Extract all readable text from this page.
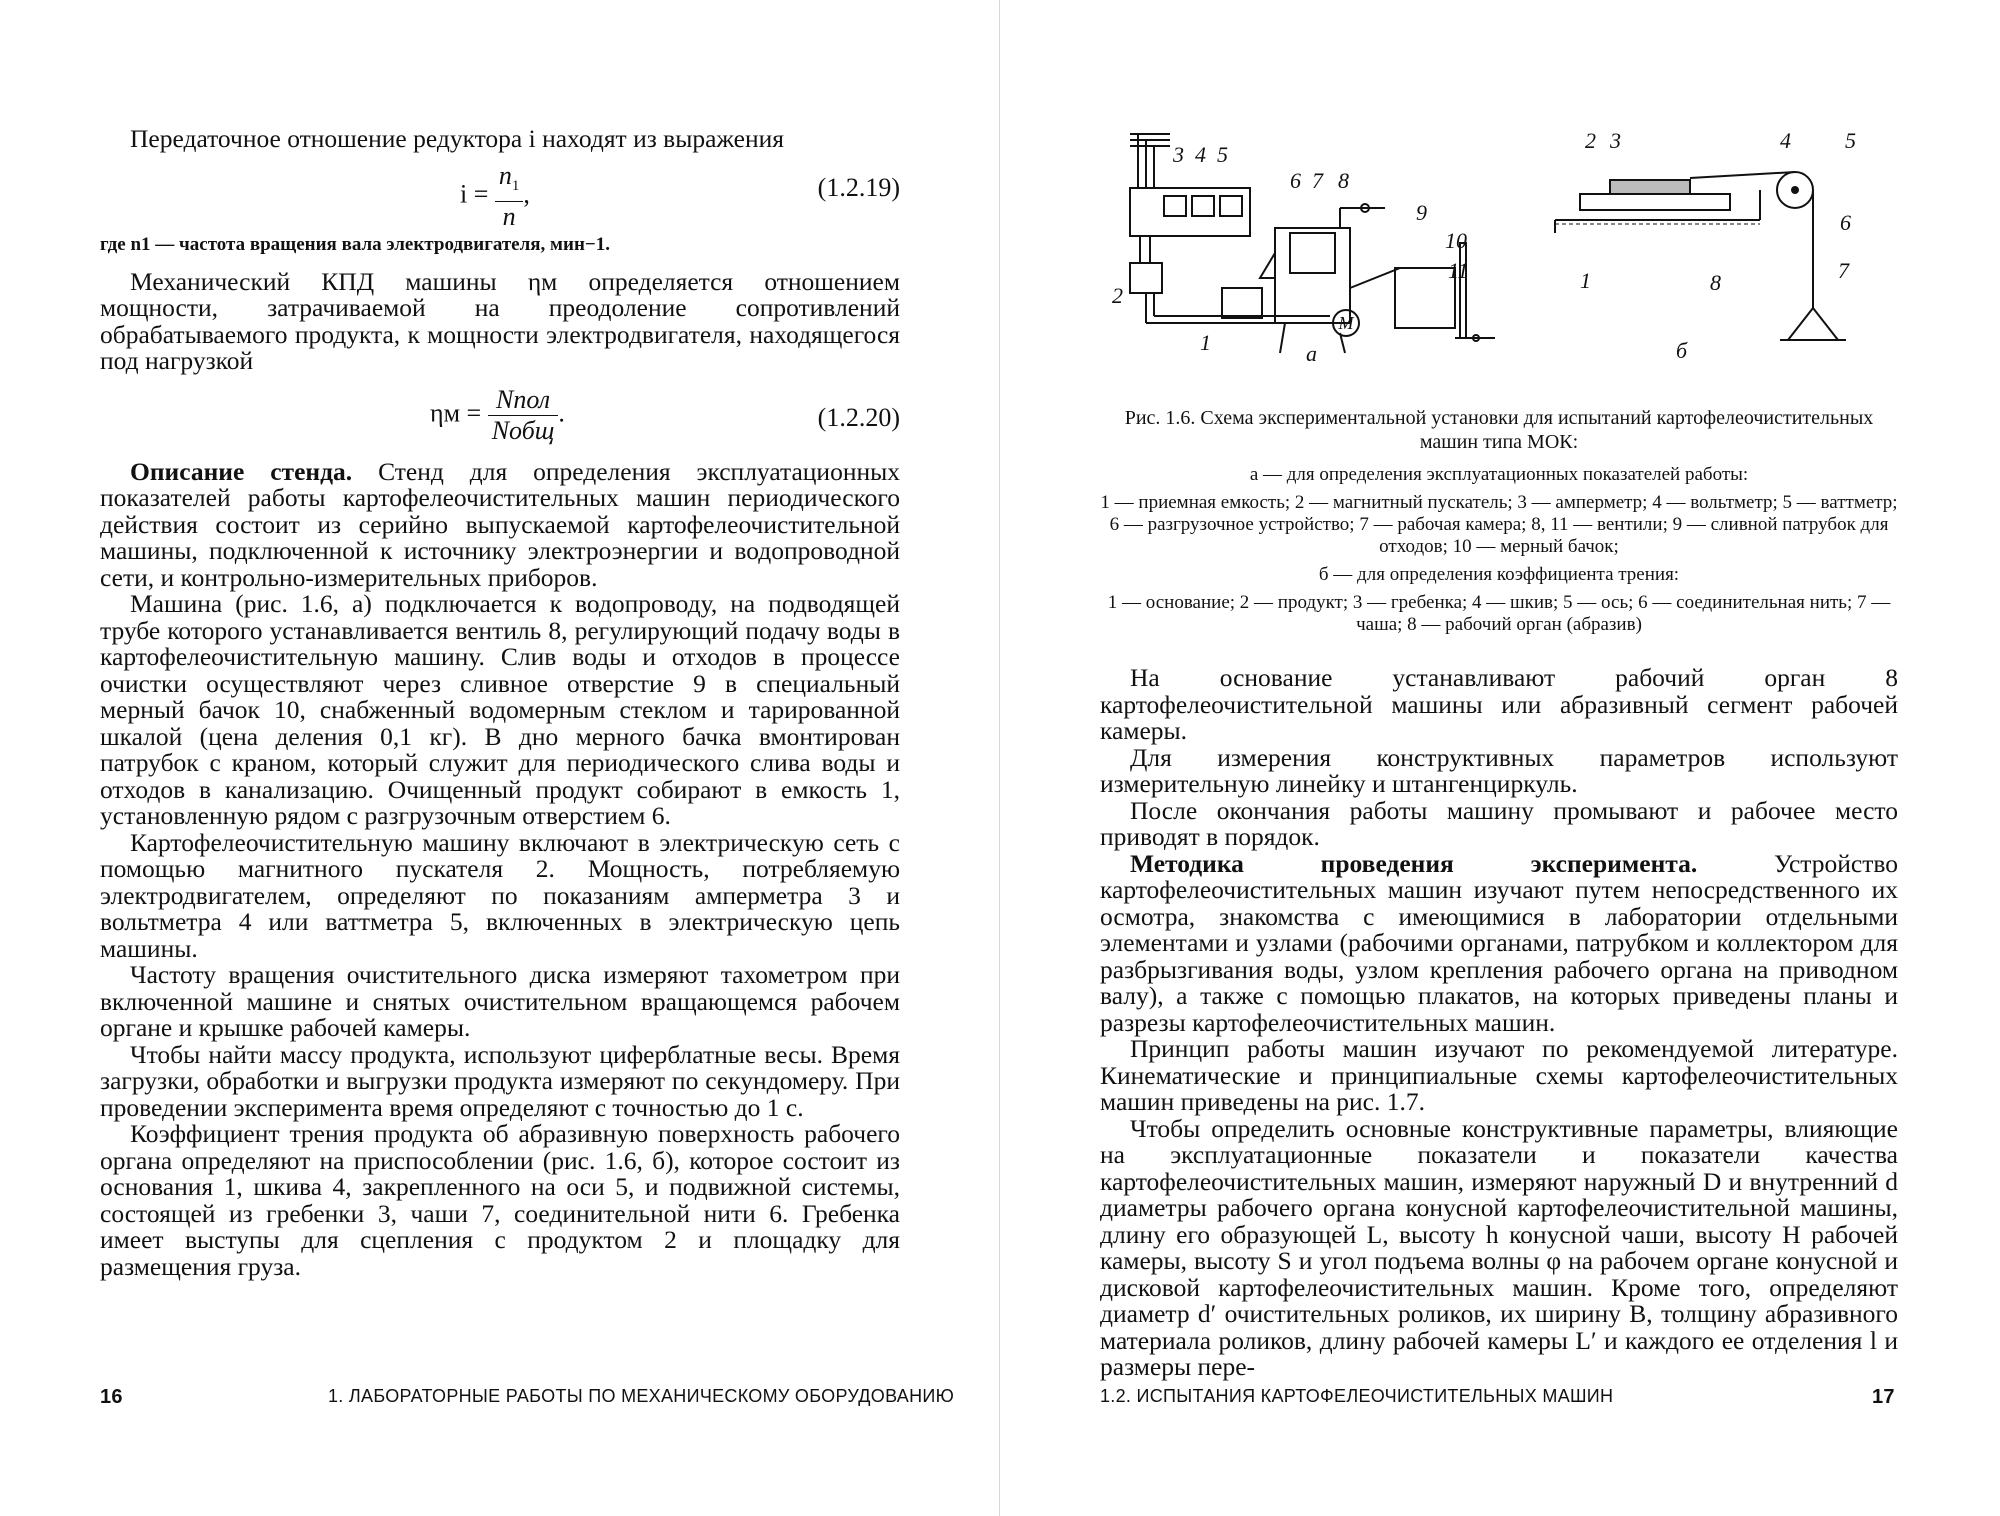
Передаточное отношение редуктора i находят из выражения

$i = \frac{n_1}{n}$ ,	(1.2.19)

где n1 — частота вращения вала электродвигателя, мин−1.

Механический КПД машины ηм определяется отношением мощности, затрачиваемой на преодоление сопротивлений обрабатываемого продукта, к мощности электродвигателя, находящегося под нагрузкой

$\eta м = \frac{\text{Nпол}}{\text{Nобщ}}$ .	(1.2.20)

Описание стенда. Стенд для определения эксплуатационных показателей работы картофелеочистительных машин периодического действия состоит из серийно выпускаемой картофелеочистительной машины, подключенной к источнику электроэнергии и водопроводной сети, и контрольно-измерительных приборов.

Машина (рис. 1.6, а) подключается к водопроводу, на подводящей трубе которого устанавливается вентиль 8, регулирующий подачу воды в картофелеочистительную машину. Слив воды и отходов в процессе очистки осуществляют через сливное отверстие 9 в специальный мерный бачок 10, снабженный водомерным стеклом и тарированной шкалой (цена деления 0,1 кг). В дно мерного бачка вмонтирован патрубок с краном, который служит для периодического слива воды и отходов в канализацию. Очищенный продукт собирают в емкость 1, установленную рядом с разгрузочным отверстием 6.

Картофелеочистительную машину включают в электрическую сеть с помощью магнитного пускателя 2. Мощность, потребляемую электродвигателем, определяют по показаниям амперметра 3 и вольтметра 4 или ваттметра 5, включенных в электрическую цепь машины.

Частоту вращения очистительного диска измеряют тахометром при включенной машине и снятых очистительном вращающемся рабочем органе и крышке рабочей камеры.

Чтобы найти массу продукта, используют циферблатные весы. Время загрузки, обработки и выгрузки продукта измеряют по секундомеру. При проведении эксперимента время определяют с точностью до 1 с.

Коэффициент трения продукта об абразивную поверхность рабочего органа определяют на приспособлении (рис. 1.6, б), которое состоит из основания 1, шкива 4, закрепленного на оси 5, и подвижной системы, состоящей из гребенки 3, чаши 7, соединительной нити 6. Гребенка имеет выступы для сцепления с продуктом 2 и площадку для размещения груза.

16	1. ЛАБОРАТОРНЫЕ РАБОТЫ ПО МЕХАНИЧЕСКОМУ ОБОРУДОВАНИЮ
M
3 4 5
6 7 8
9
10
11
2
1	а
2 3	4 5
6
7
1	8
б

Рис. 1.6. Схема экспериментальной установки для испытаний картофелеочистительных машин типа МОК:

а — для определения эксплуатационных показателей работы:

1 — приемная емкость; 2 — магнитный пускатель; 3 — амперметр; 4 — вольтметр; 5 — ваттметр; 6 — разгрузочное устройство; 7 — рабочая камера; 8, 11 — вентили; 9 — сливной патрубок для отходов; 10 — мерный бачок;

б — для определения коэффициента трения:

1 — основание; 2 — продукт; 3 — гребенка; 4 — шкив; 5 — ось; 6 — соединительная нить; 7 — чаша; 8 — рабочий орган (абразив)

На основание устанавливают рабочий орган 8 картофелеочистительной машины или абразивный сегмент рабочей камеры.

Для измерения конструктивных параметров используют измерительную линейку и штангенциркуль.

После окончания работы машину промывают и рабочее место приводят в порядок.

Методика проведения эксперимента. Устройство картофелеочистительных машин изучают путем непосредственного их осмотра, знакомства с имеющимися в лаборатории отдельными элементами и узлами (рабочими органами, патрубком и коллектором для разбрызгивания воды, узлом крепления рабочего органа на приводном валу), а также с помощью плакатов, на которых приведены планы и разрезы картофелеочистительных машин.

Принцип работы машин изучают по рекомендуемой литературе. Кинематические и принципиальные схемы картофелеочистительных машин приведены на рис. 1.7.

Чтобы определить основные конструктивные параметры, влияющие на эксплуатационные показатели и показатели качества картофелеочистительных машин, измеряют наружный D и внутренний d диаметры рабочего органа конусной картофелеочистительной машины, длину его образующей L, высоту h конусной чаши, высоту H рабочей камеры, высоту S и угол подъема волны φ на рабочем органе конусной и дисковой картофелеочистительных машин. Кроме того, определяют диаметр d′ очистительных роликов, их ширину B, толщину абразивного материала роликов, длину рабочей камеры L′ и каждого ее отделения l и размеры пере-

1.2. ИСПЫТАНИЯ КАРТОФЕЛЕОЧИСТИТЕЛЬНЫХ МАШИН	17
